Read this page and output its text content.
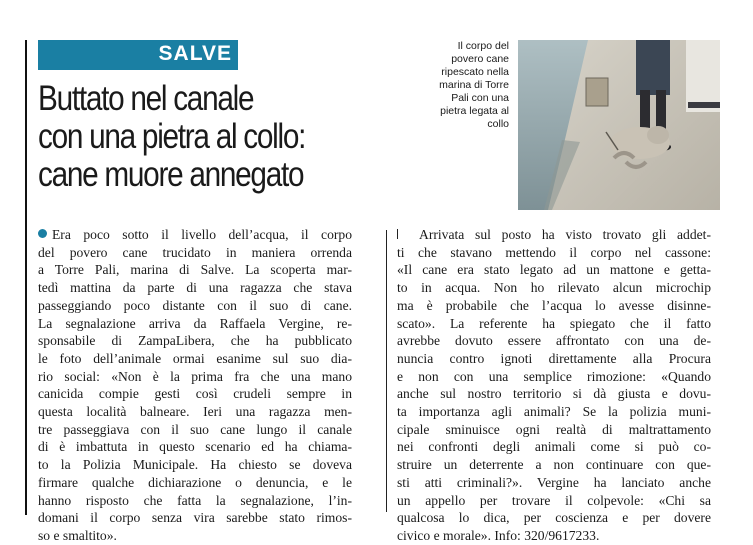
SALVE
Buttato nel canale
con una pietra al collo:
cane muore annegato
Il corpo del
povero cane
ripescato nella
marina di Torre
Pali con una
pietra legata al
collo
Era poco sotto il livello dell’acqua, il corpo
del povero cane trucidato in maniera orrenda
a Torre Pali, marina di Salve. La scoperta mar-
tedì mattina da parte di una ragazza che stava
passeggiando poco distante con il suo di cane.
La segnalazione arriva da Raffaela Vergine, re-
sponsabile di ZampaLibera, che ha pubblicato
le foto dell’animale ormai esanime sul suo dia-
rio social: «Non è la prima fra che una mano
canicida compie gesti così crudeli sempre in
questa località balneare. Ieri una ragazza men-
tre passeggiava con il suo cane lungo il canale
di è imbattuta in questo scenario ed ha chiama-
to la Polizia Municipale. Ha chiesto se doveva
firmare qualche dichiarazione o denuncia, e le
hanno risposto che fatta la segnalazione, l’in-
domani il corpo senza vira sarebbe stato rimos-
so e smaltito».
Arrivata sul posto ha visto trovato gli addet-
ti che stavano mettendo il corpo nel cassone:
«Il cane era stato legato ad un mattone e getta-
to in acqua. Non ho rilevato alcun microchip
ma è probabile che l’acqua lo avesse disinne-
scato». La referente ha spiegato che il fatto
avrebbe dovuto essere affrontato con una de-
nuncia contro ignoti direttamente alla Procura
e non con una semplice rimozione: «Quando
anche sul nostro territorio si dà giusta e dovu-
ta importanza agli animali? Se la polizia muni-
cipale sminuisce ogni realtà di maltrattamento
nei confronti degli animali come si può co-
struire un deterrente a non continuare con que-
sti atti criminali?». Vergine ha lanciato anche
un appello per trovare il colpevole: «Chi sa
qualcosa lo dica, per coscienza e per dovere
civico e morale». Info: 320/9617233.
